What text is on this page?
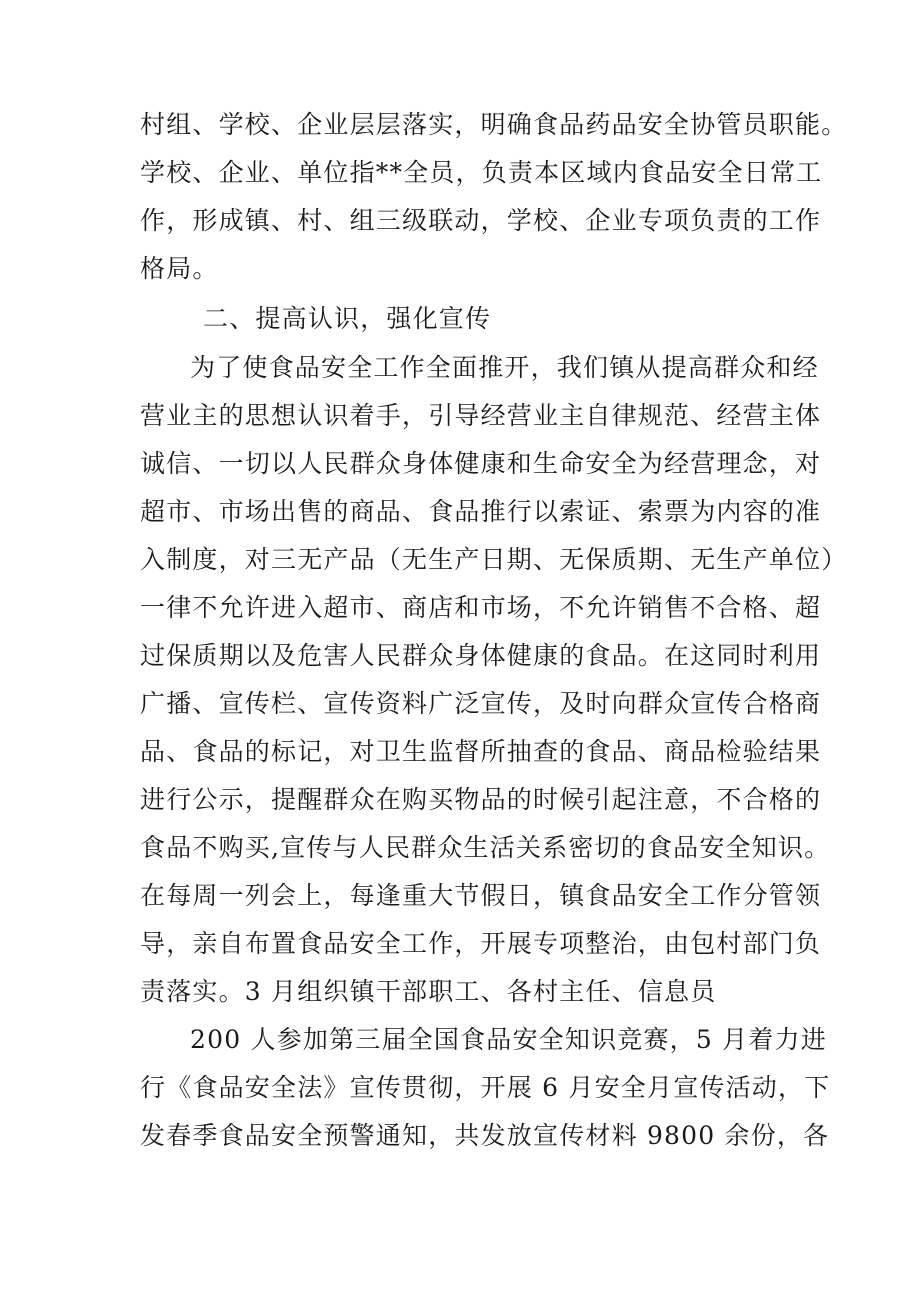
村组、学校、企业层层落实，明确食品药品安全协管员职能。
学校、企业、单位指**全员，负责本区域内食品安全日常工
作，形成镇、村、组三级联动，学校、企业专项负责的工作
格局。
二、提高认识，强化宣传
为了使食品安全工作全面推开，我们镇从提高群众和经
营业主的思想认识着手，引导经营业主自律规范、经营主体
诚信、一切以人民群众身体健康和生命安全为经营理念，对
超市、市场出售的商品、食品推行以索证、索票为内容的准
入制度，对三无产品（无生产日期、无保质期、无生产单位）
一律不允许进入超市、商店和市场，不允许销售不合格、超
过保质期以及危害人民群众身体健康的食品。在这同时利用
广播、宣传栏、宣传资料广泛宣传，及时向群众宣传合格商
品、食品的标记，对卫生监督所抽查的食品、商品检验结果
进行公示，提醒群众在购买物品的时候引起注意，不合格的
食品不购买,宣传与人民群众生活关系密切的食品安全知识。
在每周一列会上，每逢重大节假日，镇食品安全工作分管领
导，亲自布置食品安全工作，开展专项整治，由包村部门负
责落实。3 月组织镇干部职工、各村主任、信息员
200 人参加第三届全国食品安全知识竞赛，5 月着力进
行《食品安全法》宣传贯彻，开展 6 月安全月宣传活动，下
发春季食品安全预警通知，共发放宣传材料 9800 余份，各
